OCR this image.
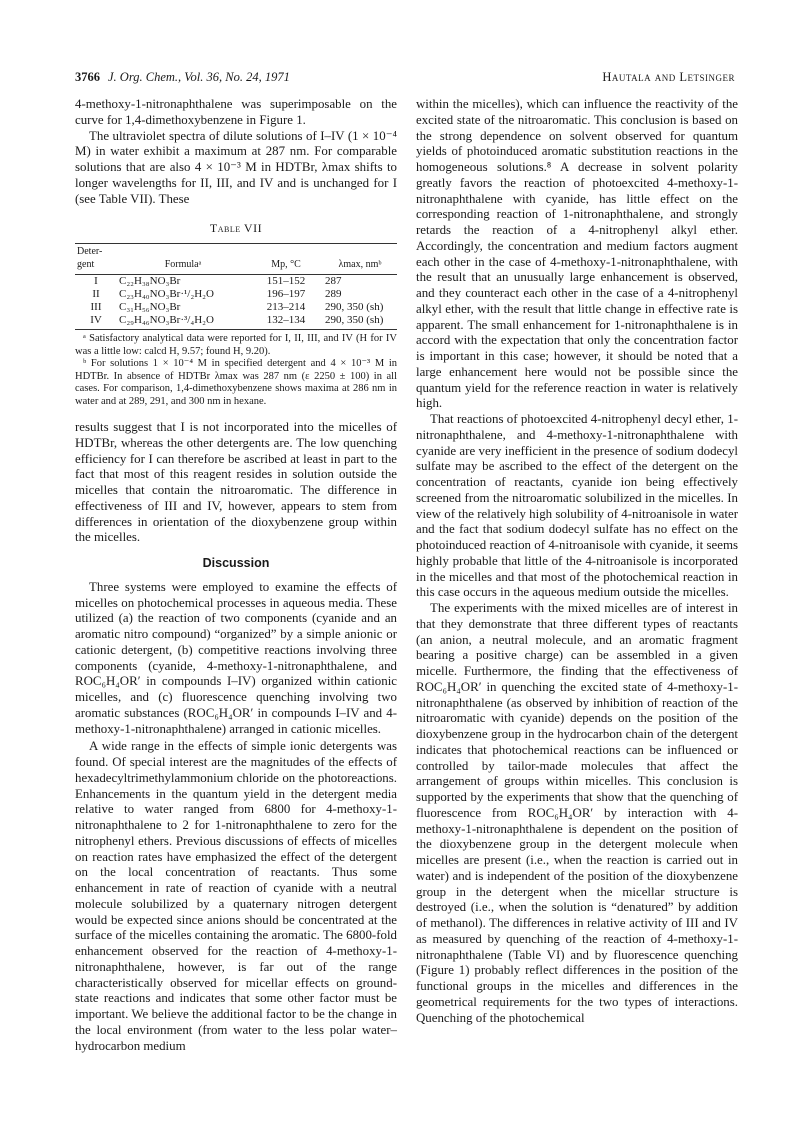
3766 J. Org. Chem., Vol. 36, No. 24, 1971	Hautala and Letsinger

4-methoxy-1-nitronaphthalene was superimposable on the curve for 1,4-dimethoxybenzene in Figure 1.

The ultraviolet spectra of dilute solutions of I–IV (1 × 10⁻⁴ M) in water exhibit a maximum at 287 nm. For comparable solutions that are also 4 × 10⁻³ M in HDTBr, λmax shifts to longer wavelengths for II, III, and IV and is unchanged for I (see Table VII). These

Table VII
Deter-gent	Formulaᵃ	Mp, °C	λmax, nmᵇ

I	C₂₂H₃₈NO₃Br	151–152	287
II	C₂₃H₄₀NO₃Br·¹/₂H₂O	196–197	289
III	C₃₁H₅₆NO₃Br	213–214	290, 350 (sh)
IV	C₂₉H₄₆NO₃Br·³/₄H₂O	132–134	290, 350 (sh)

ᵃ Satisfactory analytical data were reported for I, II, III, and IV (H for IV was a little low: calcd H, 9.57; found H, 9.20).

ᵇ For solutions 1 × 10⁻⁴ M in specified detergent and 4 × 10⁻³ M in HDTBr. In absence of HDTBr λmax was 287 nm (ε 2250 ± 100) in all cases. For comparison, 1,4-dimethoxybenzene shows maxima at 286 nm in water and at 289, 291, and 300 nm in hexane.

results suggest that I is not incorporated into the micelles of HDTBr, whereas the other detergents are. The low quenching efficiency for I can therefore be ascribed at least in part to the fact that most of this reagent resides in solution outside the micelles that contain the nitroaromatic. The difference in effectiveness of III and IV, however, appears to stem from differences in orientation of the dioxybenzene group within the micelles.

Discussion

Three systems were employed to examine the effects of micelles on photochemical processes in aqueous media. These utilized (a) the reaction of two components (cyanide and an aromatic nitro compound) “organized” by a simple anionic or cationic detergent, (b) competitive reactions involving three components (cyanide, 4-methoxy-1-nitronaphthalene, and ROC₆H₄OR′ in compounds I–IV) organized within cationic micelles, and (c) fluorescence quenching involving two aromatic substances (ROC₆H₄OR′ in compounds I–IV and 4-methoxy-1-nitronaphthalene) arranged in cationic micelles.

A wide range in the effects of simple ionic detergents was found. Of special interest are the magnitudes of the effects of hexadecyltrimethylammonium chloride on the photoreactions. Enhancements in the quantum yield in the detergent media relative to water ranged from 6800 for 4-methoxy-1-nitronaphthalene to 2 for 1-nitronaphthalene to zero for the nitrophenyl ethers. Previous discussions of effects of micelles on reaction rates have emphasized the effect of the detergent on the local concentration of reactants. Thus some enhancement in rate of reaction of cyanide with a neutral molecule solubilized by a quaternary nitrogen detergent would be expected since anions should be concentrated at the surface of the micelles containing the aromatic. The 6800-fold enhancement observed for the reaction of 4-methoxy-1-nitronaphthalene, however, is far out of the range characteristically observed for micellar effects on ground-state reactions and indicates that some other factor must be important. We believe the additional factor to be the change in the local environment (from water to the less polar water–hydrocarbon medium

within the micelles), which can influence the reactivity of the excited state of the nitroaromatic. This conclusion is based on the strong dependence on solvent observed for quantum yields of photoinduced aromatic substitution reactions in the homogeneous solutions.⁸ A decrease in solvent polarity greatly favors the reaction of photoexcited 4-methoxy-1-nitronaphthalene with cyanide, has little effect on the corresponding reaction of 1-nitronaphthalene, and strongly retards the reaction of a 4-nitrophenyl alkyl ether. Accordingly, the concentration and medium factors augment each other in the case of 4-methoxy-1-nitronaphthalene, with the result that an unusually large enhancement is observed, and they counteract each other in the case of a 4-nitrophenyl alkyl ether, with the result that little change in effective rate is apparent. The small enhancement for 1-nitronaphthalene is in accord with the expectation that only the concentration factor is important in this case; however, it should be noted that a large enhancement here would not be possible since the quantum yield for the reference reaction in water is relatively high.

That reactions of photoexcited 4-nitrophenyl decyl ether, 1-nitronaphthalene, and 4-methoxy-1-nitronaphthalene with cyanide are very inefficient in the presence of sodium dodecyl sulfate may be ascribed to the effect of the detergent on the concentration of reactants, cyanide ion being effectively screened from the nitroaromatic solubilized in the micelles. In view of the relatively high solubility of 4-nitroanisole in water and the fact that sodium dodecyl sulfate has no effect on the photoinduced reaction of 4-nitroanisole with cyanide, it seems highly probable that little of the 4-nitroanisole is incorporated in the micelles and that most of the photochemical reaction in this case occurs in the aqueous medium outside the micelles.

The experiments with the mixed micelles are of interest in that they demonstrate that three different types of reactants (an anion, a neutral molecule, and an aromatic fragment bearing a positive charge) can be assembled in a given micelle. Furthermore, the finding that the effectiveness of ROC₆H₄OR′ in quenching the excited state of 4-methoxy-1-nitronaphthalene (as observed by inhibition of reaction of the nitroaromatic with cyanide) depends on the position of the dioxybenzene group in the hydrocarbon chain of the detergent indicates that photochemical reactions can be influenced or controlled by tailor-made molecules that affect the arrangement of groups within micelles. This conclusion is supported by the experiments that show that the quenching of fluorescence from ROC₆H₄OR′ by interaction with 4-methoxy-1-nitronaphthalene is dependent on the position of the dioxybenzene group in the detergent molecule when micelles are present (i.e., when the reaction is carried out in water) and is independent of the position of the dioxybenzene group in the detergent when the micellar structure is destroyed (i.e., when the solution is “denatured” by addition of methanol). The differences in relative activity of III and IV as measured by quenching of the reaction of 4-methoxy-1-nitronaphthalene (Table VI) and by fluorescence quenching (Figure 1) probably reflect differences in the position of the functional groups in the micelles and differences in the geometrical requirements for the two types of interactions. Quenching of the photochemical
